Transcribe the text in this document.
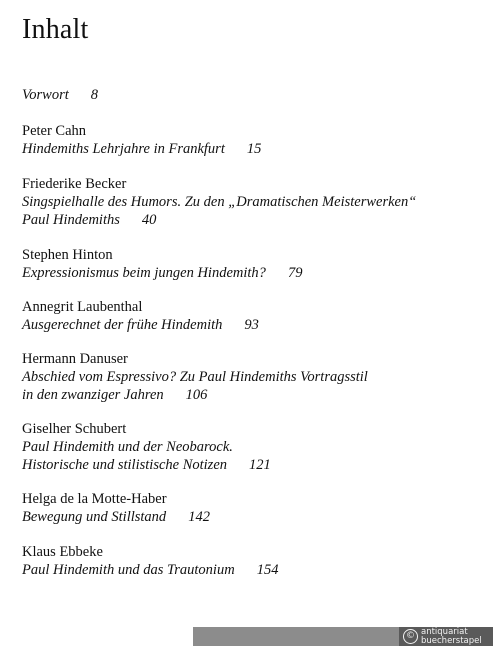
Inhalt
Vorwort 8
Peter Cahn
Hindemiths Lehrjahre in Frankfurt 15
Friederike Becker
Singspielhalle des Humors. Zu den „Dramatischen Meisterwerken“
Paul Hindemiths 40
Stephen Hinton
Expressionismus beim jungen Hindemith? 79
Annegrit Laubenthal
Ausgerechnet der frühe Hindemith 93
Hermann Danuser
Abschied vom Espressivo? Zu Paul Hindemiths Vortragsstil
in den zwanziger Jahren 106
Giselher Schubert
Paul Hindemith und der Neobarock.
Historische und stilistische Notizen 121
Helga de la Motte-Haber
Bewegung und Stillstand 142
Klaus Ebbeke
Paul Hindemith und das Trautonium 154
© antiquariat
buecherstapel
